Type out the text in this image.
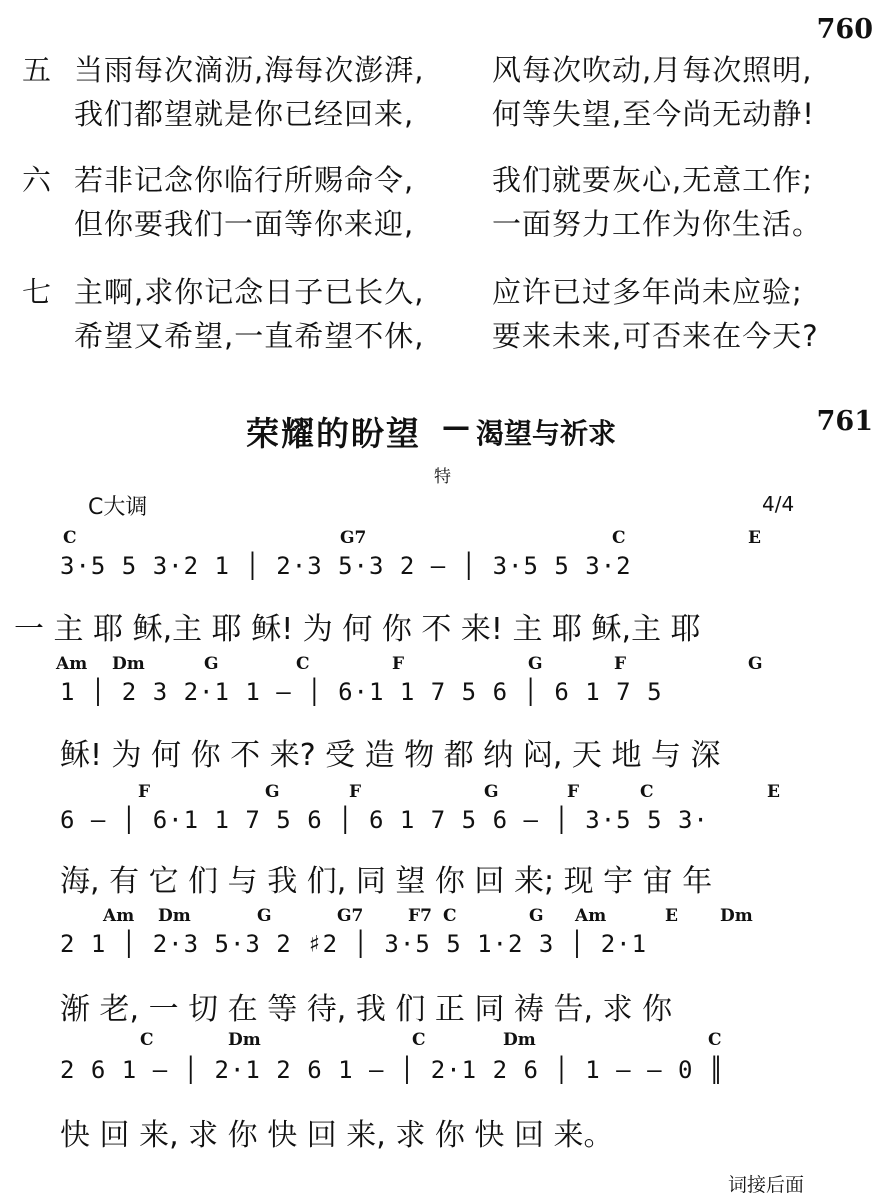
760
五 当雨每次滴沥,海每次澎湃, 风每次吹动,月每次照明,
我们都望就是你已经回来,	何等失望,至今尚无动静!
六 若非记念你临行所赐命令,	我们就要灰心,无意工作;
但你要我们一面等你来迎,	一面努力工作为你生活。
七 主啊,求你记念日子已长久, 应许已过多年尚未应验;
希望又希望,一直希望不休, 要来未来,可否来在今天?
荣耀的盼望 — 渴望与祈求	761
特
C大调	4/4
C	G7	C	E
3·5 5 3·2 1 │ 2·3 5·3 2 — │ 3·5 5 3·2
一 主 耶 稣,主 耶 稣! 为 何 你 不 来! 主 耶 稣,主 耶
Am Dm	G	C	F	G	F	G
1 │ 2 3 2·1 1 — │ 6·1 1 7 5 6 │ 6 1 7 5
稣! 为 何 你 不 来? 受 造 物 都 纳 闷, 天 地 与 深
F	G	F	G	F	C	E
6 — │ 6·1 1 7 5 6 │ 6 1 7 5 6 — │ 3·5 5 3·
海, 有 它 们 与 我 们, 同 望 你 回 来; 现 宇 宙 年
Am Dm	G	G7	F7 C	G Am	E Dm
2 1 │ 2·3 5·3 2 ♯2 │ 3·5 5 1·2 3 │ 2·1
渐 老, 一 切 在 等 待, 我 们 正 同 祷 告, 求 你
C	Dm	C	Dm	C
2 6 1 — │ 2·1 2 6 1 — │ 2·1 2 6 │ 1 — — 0 ║
快 回 来, 求 你 快 回 来, 求 你 快 回 来。
词接后面
